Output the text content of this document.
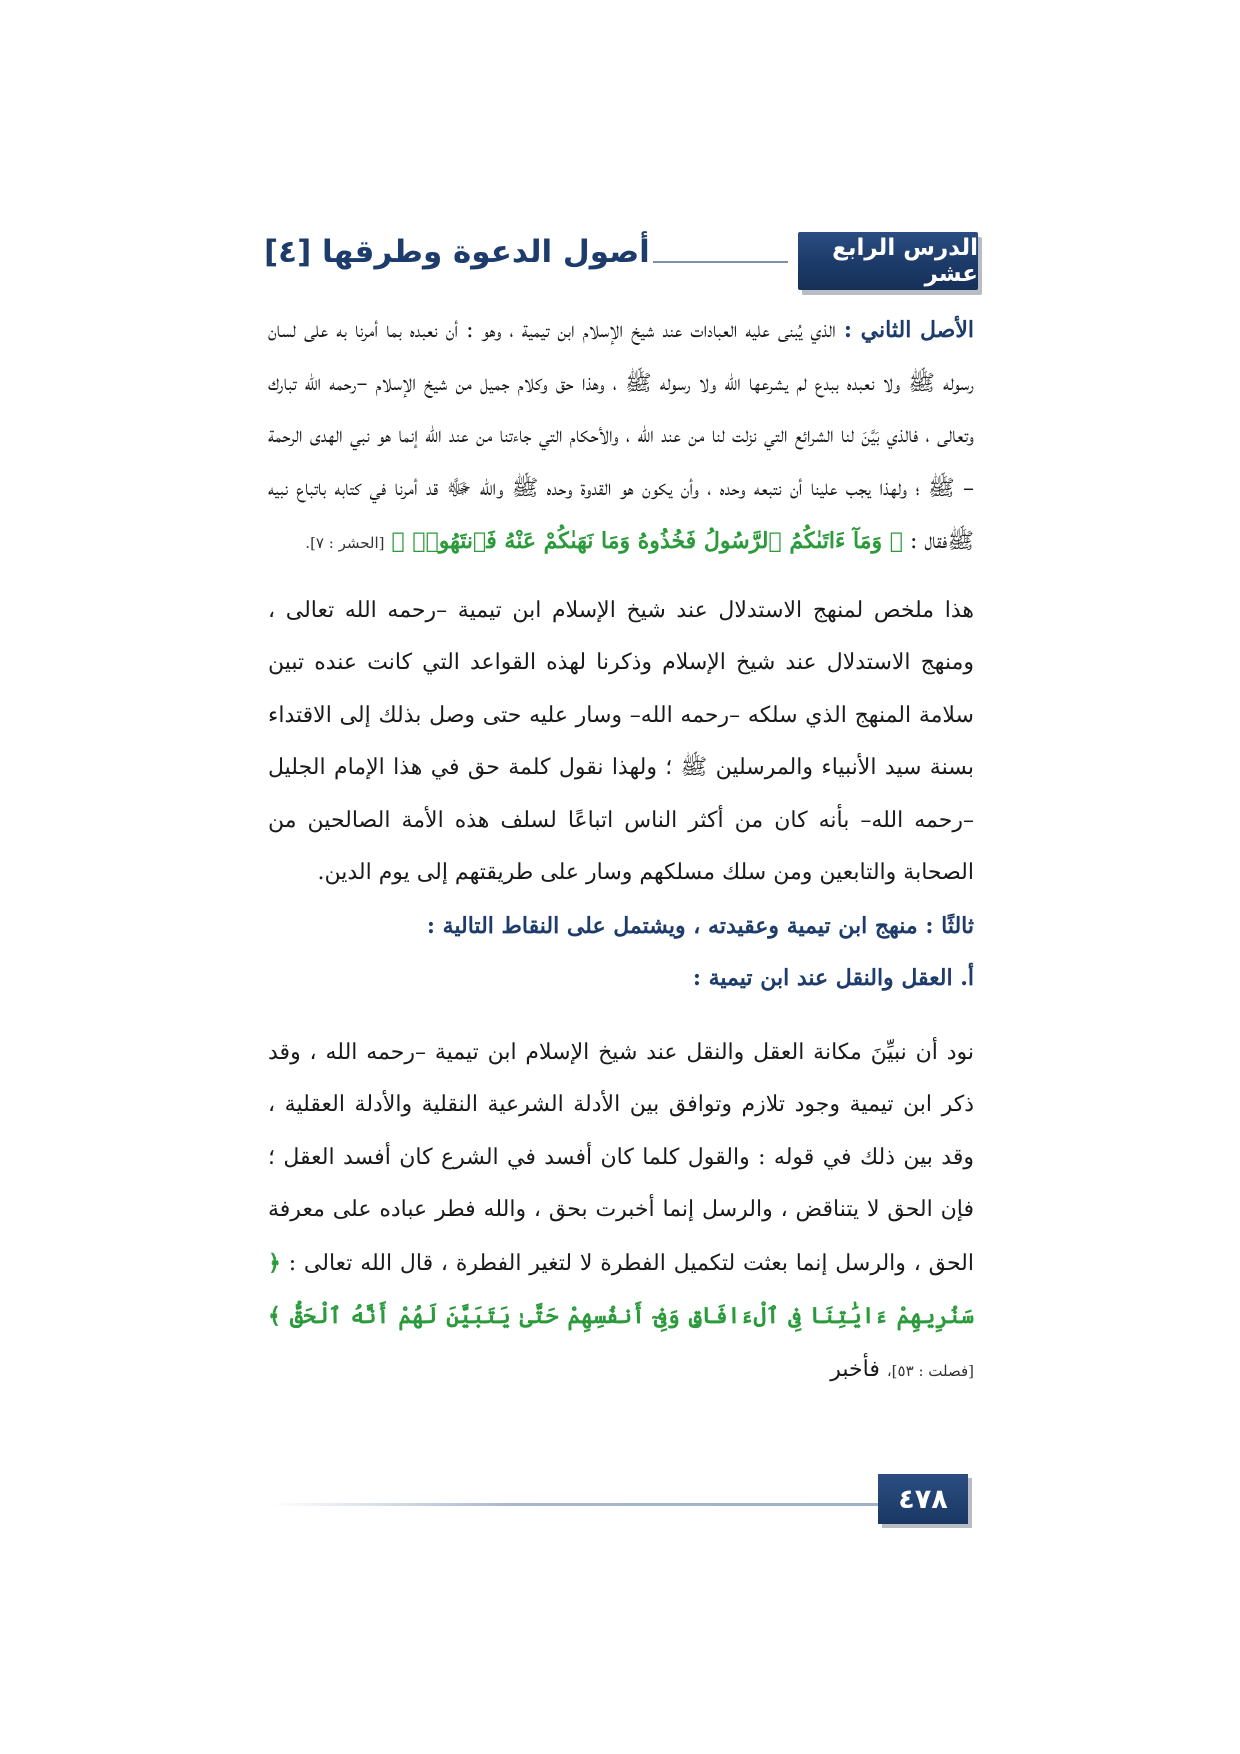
الدرس الرابع عشر
أصول الدعوة وطرقها [٤]

الأصل الثاني : الذي يُبنى عليه العبادات عند شيخ الإسلام ابن تيمية ، وهو : أن نعبده بما أمرنا به على لسان رسوله ﷺ ولا نعبده ببدع لم يشرعها الله ولا رسوله ﷺ ، وهذا حق وكلام جميل من شيخ الإسلام –رحمه الله تبارك وتعالى ، فالذي بَيَّنَ لنا الشرائع التي نزلت لنا من عند الله ، والأحكام التي جاءتنا من عند الله إنما هو نبي الهدى الرحمة – ﷺ ؛ ولهذا يجب علينا أن نتبعه وحده ، وأن يكون هو القدوة وحده ﷺ والله ﷻ قد أمرنا في كتابه باتباع نبيه ﷺفقال : ﴿ وَمَآ ءَاتَىٰكُمُ ٱلرَّسُولُ فَخُذُوهُ وَمَا نَهَىٰكُمْ عَنْهُ فَٱنتَهُوا۟ ﴾ [الحشر : ٧].

هذا ملخص لمنهج الاستدلال عند شيخ الإسلام ابن تيمية –رحمه الله تعالى ، ومنهج الاستدلال عند شيخ الإسلام وذكرنا لهذه القواعد التي كانت عنده تبين سلامة المنهج الذي سلكه –رحمه الله– وسار عليه حتى وصل بذلك إلى الاقتداء بسنة سيد الأنبياء والمرسلين ﷺ ؛ ولهذا نقول كلمة حق في هذا الإمام الجليل –رحمه الله– بأنه كان من أكثر الناس اتباعًا لسلف هذه الأمة الصالحين من الصحابة والتابعين ومن سلك مسلكهم وسار على طريقتهم إلى يوم الدين.

ثالثًا : منهج ابن تيمية وعقيدته ، ويشتمل على النقاط التالية :

أ. العقل والنقل عند ابن تيمية :

نود أن نبيِّنَ مكانة العقل والنقل عند شيخ الإسلام ابن تيمية –رحمه الله ، وقد ذكر ابن تيمية وجود تلازم وتوافق بين الأدلة الشرعية النقلية والأدلة العقلية ، وقد بين ذلك في قوله : والقول كلما كان أفسد في الشرع كان أفسد العقل ؛ فإن الحق لا يتناقض ، والرسل إنما أخبرت بحق ، والله فطر عباده على معرفة الحق ، والرسل إنما بعثت لتكميل الفطرة لا لتغير الفطرة ، قال الله تعالى : ﴿ سَنُرِيهِمْ ءَايَٰتِنَا فِى ٱلْءَافَاقِ وَفِىٓ أَنفُسِهِمْ حَتَّىٰ يَتَبَيَّنَ لَهُمْ أَنَّهُ ٱلْحَقُّ ﴾ [فصلت : ٥٣]، فأخبر

٤٧٨
